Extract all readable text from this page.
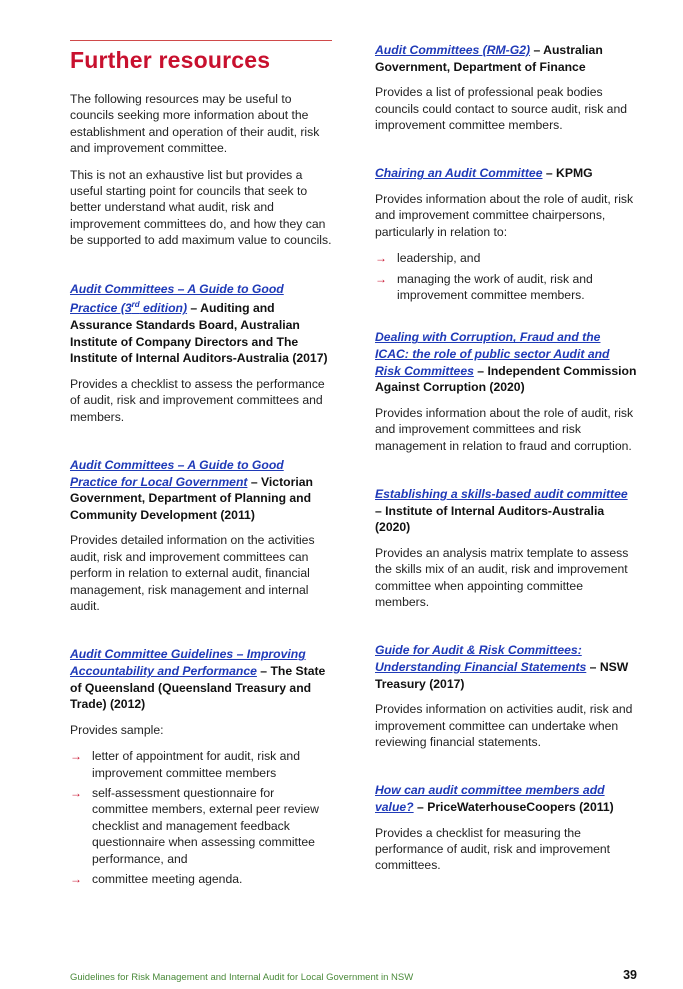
Further resources

The following resources may be useful to councils seeking more information about the establishment and operation of their audit, risk and improvement committee.

This is not an exhaustive list but provides a useful starting point for councils that seek to better understand what audit, risk and improvement committees do, and how they can be supported to add maximum value to councils.

Audit Committees – A Guide to Good Practice (3rd edition) – Auditing and Assurance Standards Board, Australian Institute of Company Directors and The Institute of Internal Auditors-Australia (2017)

Provides a checklist to assess the performance of audit, risk and improvement committees and members.

Audit Committees – A Guide to Good Practice for Local Government – Victorian Government, Department of Planning and Community Development (2011)

Provides detailed information on the activities audit, risk and improvement committees can perform in relation to external audit, financial management, risk management and internal audit.

Audit Committee Guidelines – Improving Accountability and Performance – The State of Queensland (Queensland Treasury and Trade) (2012)

Provides sample:

→ letter of appointment for audit, risk and improvement committee members
→ self-assessment questionnaire for committee members, external peer review checklist and management feedback questionnaire when assessing committee performance, and
→ committee meeting agenda.
Audit Committees (RM-G2) – Australian Government, Department of Finance

Provides a list of professional peak bodies councils could contact to source audit, risk and improvement committee members.

Chairing an Audit Committee – KPMG

Provides information about the role of audit, risk and improvement committee chairpersons, particularly in relation to:

→ leadership, and
→ managing the work of audit, risk and improvement committee members.
Dealing with Corruption, Fraud and the ICAC: the role of public sector Audit and Risk Committees – Independent Commission Against Corruption (2020)

Provides information about the role of audit, risk and improvement committees and risk management in relation to fraud and corruption.

Establishing a skills-based audit committee – Institute of Internal Auditors-Australia (2020)

Provides an analysis matrix template to assess the skills mix of an audit, risk and improvement committee when appointing committee members.

Guide for Audit & Risk Committees: Understanding Financial Statements – NSW Treasury (2017)

Provides information on activities audit, risk and improvement committee can undertake when reviewing financial statements.

How can audit committee members add value? – PriceWaterhouseCoopers (2011)

Provides a checklist for measuring the performance of audit, risk and improvement committees.

Guidelines for Risk Management and Internal Audit for Local Government in NSW	39
